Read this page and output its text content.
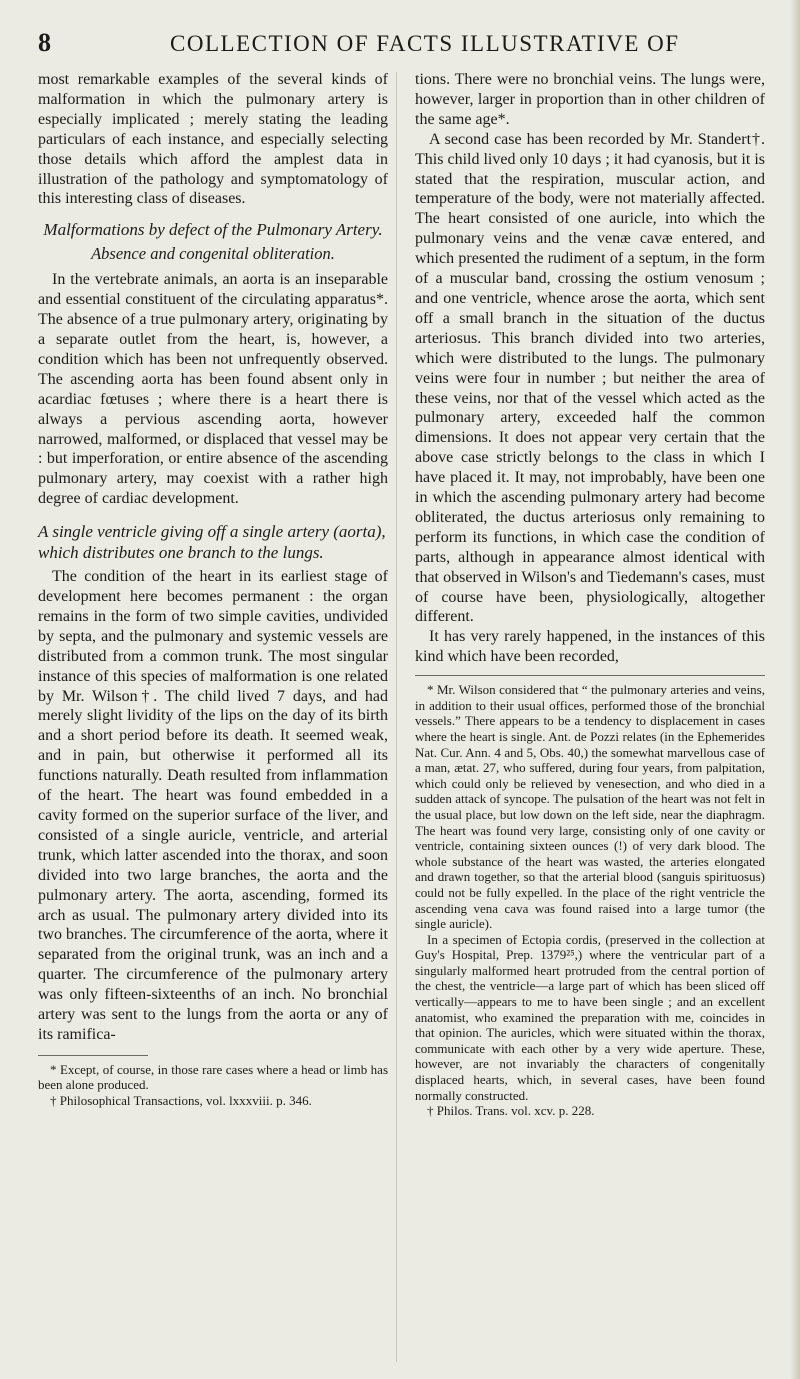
8	COLLECTION OF FACTS ILLUSTRATIVE OF

most remarkable examples of the several kinds of malformation in which the pulmonary artery is especially implicated ; merely stating the leading particulars of each instance, and especially selecting those details which afford the amplest data in illustration of the pathology and symptomatology of this interesting class of diseases.

Malformations by defect of the Pulmonary Artery.
Absence and congenital obliteration.

In the vertebrate animals, an aorta is an inseparable and essential constituent of the circulating apparatus*. The absence of a true pulmonary artery, originating by a separate outlet from the heart, is, however, a condition which has been not unfrequently observed. The ascending aorta has been found absent only in acardiac fœtuses ; where there is a heart there is always a pervious ascending aorta, however narrowed, malformed, or displaced that vessel may be : but imperforation, or entire absence of the ascending pulmonary artery, may coexist with a rather high degree of cardiac development.

A single ventricle giving off a single artery (aorta), which distributes one branch to the lungs.

The condition of the heart in its earliest stage of development here becomes permanent : the organ remains in the form of two simple cavities, undivided by septa, and the pulmonary and systemic vessels are distributed from a common trunk. The most singular instance of this species of malformation is one related by Mr. Wilson†. The child lived 7 days, and had merely slight lividity of the lips on the day of its birth and a short period before its death. It seemed weak, and in pain, but otherwise it performed all its functions naturally. Death resulted from inflammation of the heart. The heart was found embedded in a cavity formed on the superior surface of the liver, and consisted of a single auricle, ventricle, and arterial trunk, which latter ascended into the thorax, and soon divided into two large branches, the aorta and the pulmonary artery. The aorta, ascending, formed its arch as usual. The pulmonary artery divided into its two branches. The circumference of the aorta, where it separated from the original trunk, was an inch and a quarter. The circumference of the pulmonary artery was only fifteen-sixteenths of an inch. No bronchial artery was sent to the lungs from the aorta or any of its ramifica-

* Except, of course, in those rare cases where a head or limb has been alone produced.

† Philosophical Transactions, vol. lxxxviii. p. 346.

tions. There were no bronchial veins. The lungs were, however, larger in proportion than in other children of the same age*.

A second case has been recorded by Mr. Standert†. This child lived only 10 days ; it had cyanosis, but it is stated that the respiration, muscular action, and temperature of the body, were not materially affected. The heart consisted of one auricle, into which the pulmonary veins and the venæ cavæ entered, and which presented the rudiment of a septum, in the form of a muscular band, crossing the ostium venosum ; and one ventricle, whence arose the aorta, which sent off a small branch in the situation of the ductus arteriosus. This branch divided into two arteries, which were distributed to the lungs. The pulmonary veins were four in number ; but neither the area of these veins, nor that of the vessel which acted as the pulmonary artery, exceeded half the common dimensions. It does not appear very certain that the above case strictly belongs to the class in which I have placed it. It may, not improbably, have been one in which the ascending pulmonary artery had become obliterated, the ductus arteriosus only remaining to perform its functions, in which case the condition of parts, although in appearance almost identical with that observed in Wilson's and Tiedemann's cases, must of course have been, physiologically, altogether different.

It has very rarely happened, in the instances of this kind which have been recorded,

* Mr. Wilson considered that “ the pulmonary arteries and veins, in addition to their usual offices, performed those of the bronchial vessels.” There appears to be a tendency to displacement in cases where the heart is single. Ant. de Pozzi relates (in the Ephemerides Nat. Cur. Ann. 4 and 5, Obs. 40,) the somewhat marvellous case of a man, ætat. 27, who suffered, during four years, from palpitation, which could only be relieved by venesection, and who died in a sudden attack of syncope. The pulsation of the heart was not felt in the usual place, but low down on the left side, near the diaphragm. The heart was found very large, consisting only of one cavity or ventricle, containing sixteen ounces (!) of very dark blood. The whole substance of the heart was wasted, the arteries elongated and drawn together, so that the arterial blood (sanguis spirituosus) could not be fully expelled. In the place of the right ventricle the ascending vena cava was found raised into a large tumor (the single auricle).

In a specimen of Ectopia cordis, (preserved in the collection at Guy's Hospital, Prep. 1379²⁵,) where the ventricular part of a singularly malformed heart protruded from the central portion of the chest, the ventricle—a large part of which has been sliced off vertically—appears to me to have been single ; and an excellent anatomist, who examined the preparation with me, coincides in that opinion. The auricles, which were situated within the thorax, communicate with each other by a very wide aperture. These, however, are not invariably the characters of congenitally displaced hearts, which, in several cases, have been found normally constructed.

† Philos. Trans. vol. xcv. p. 228.
